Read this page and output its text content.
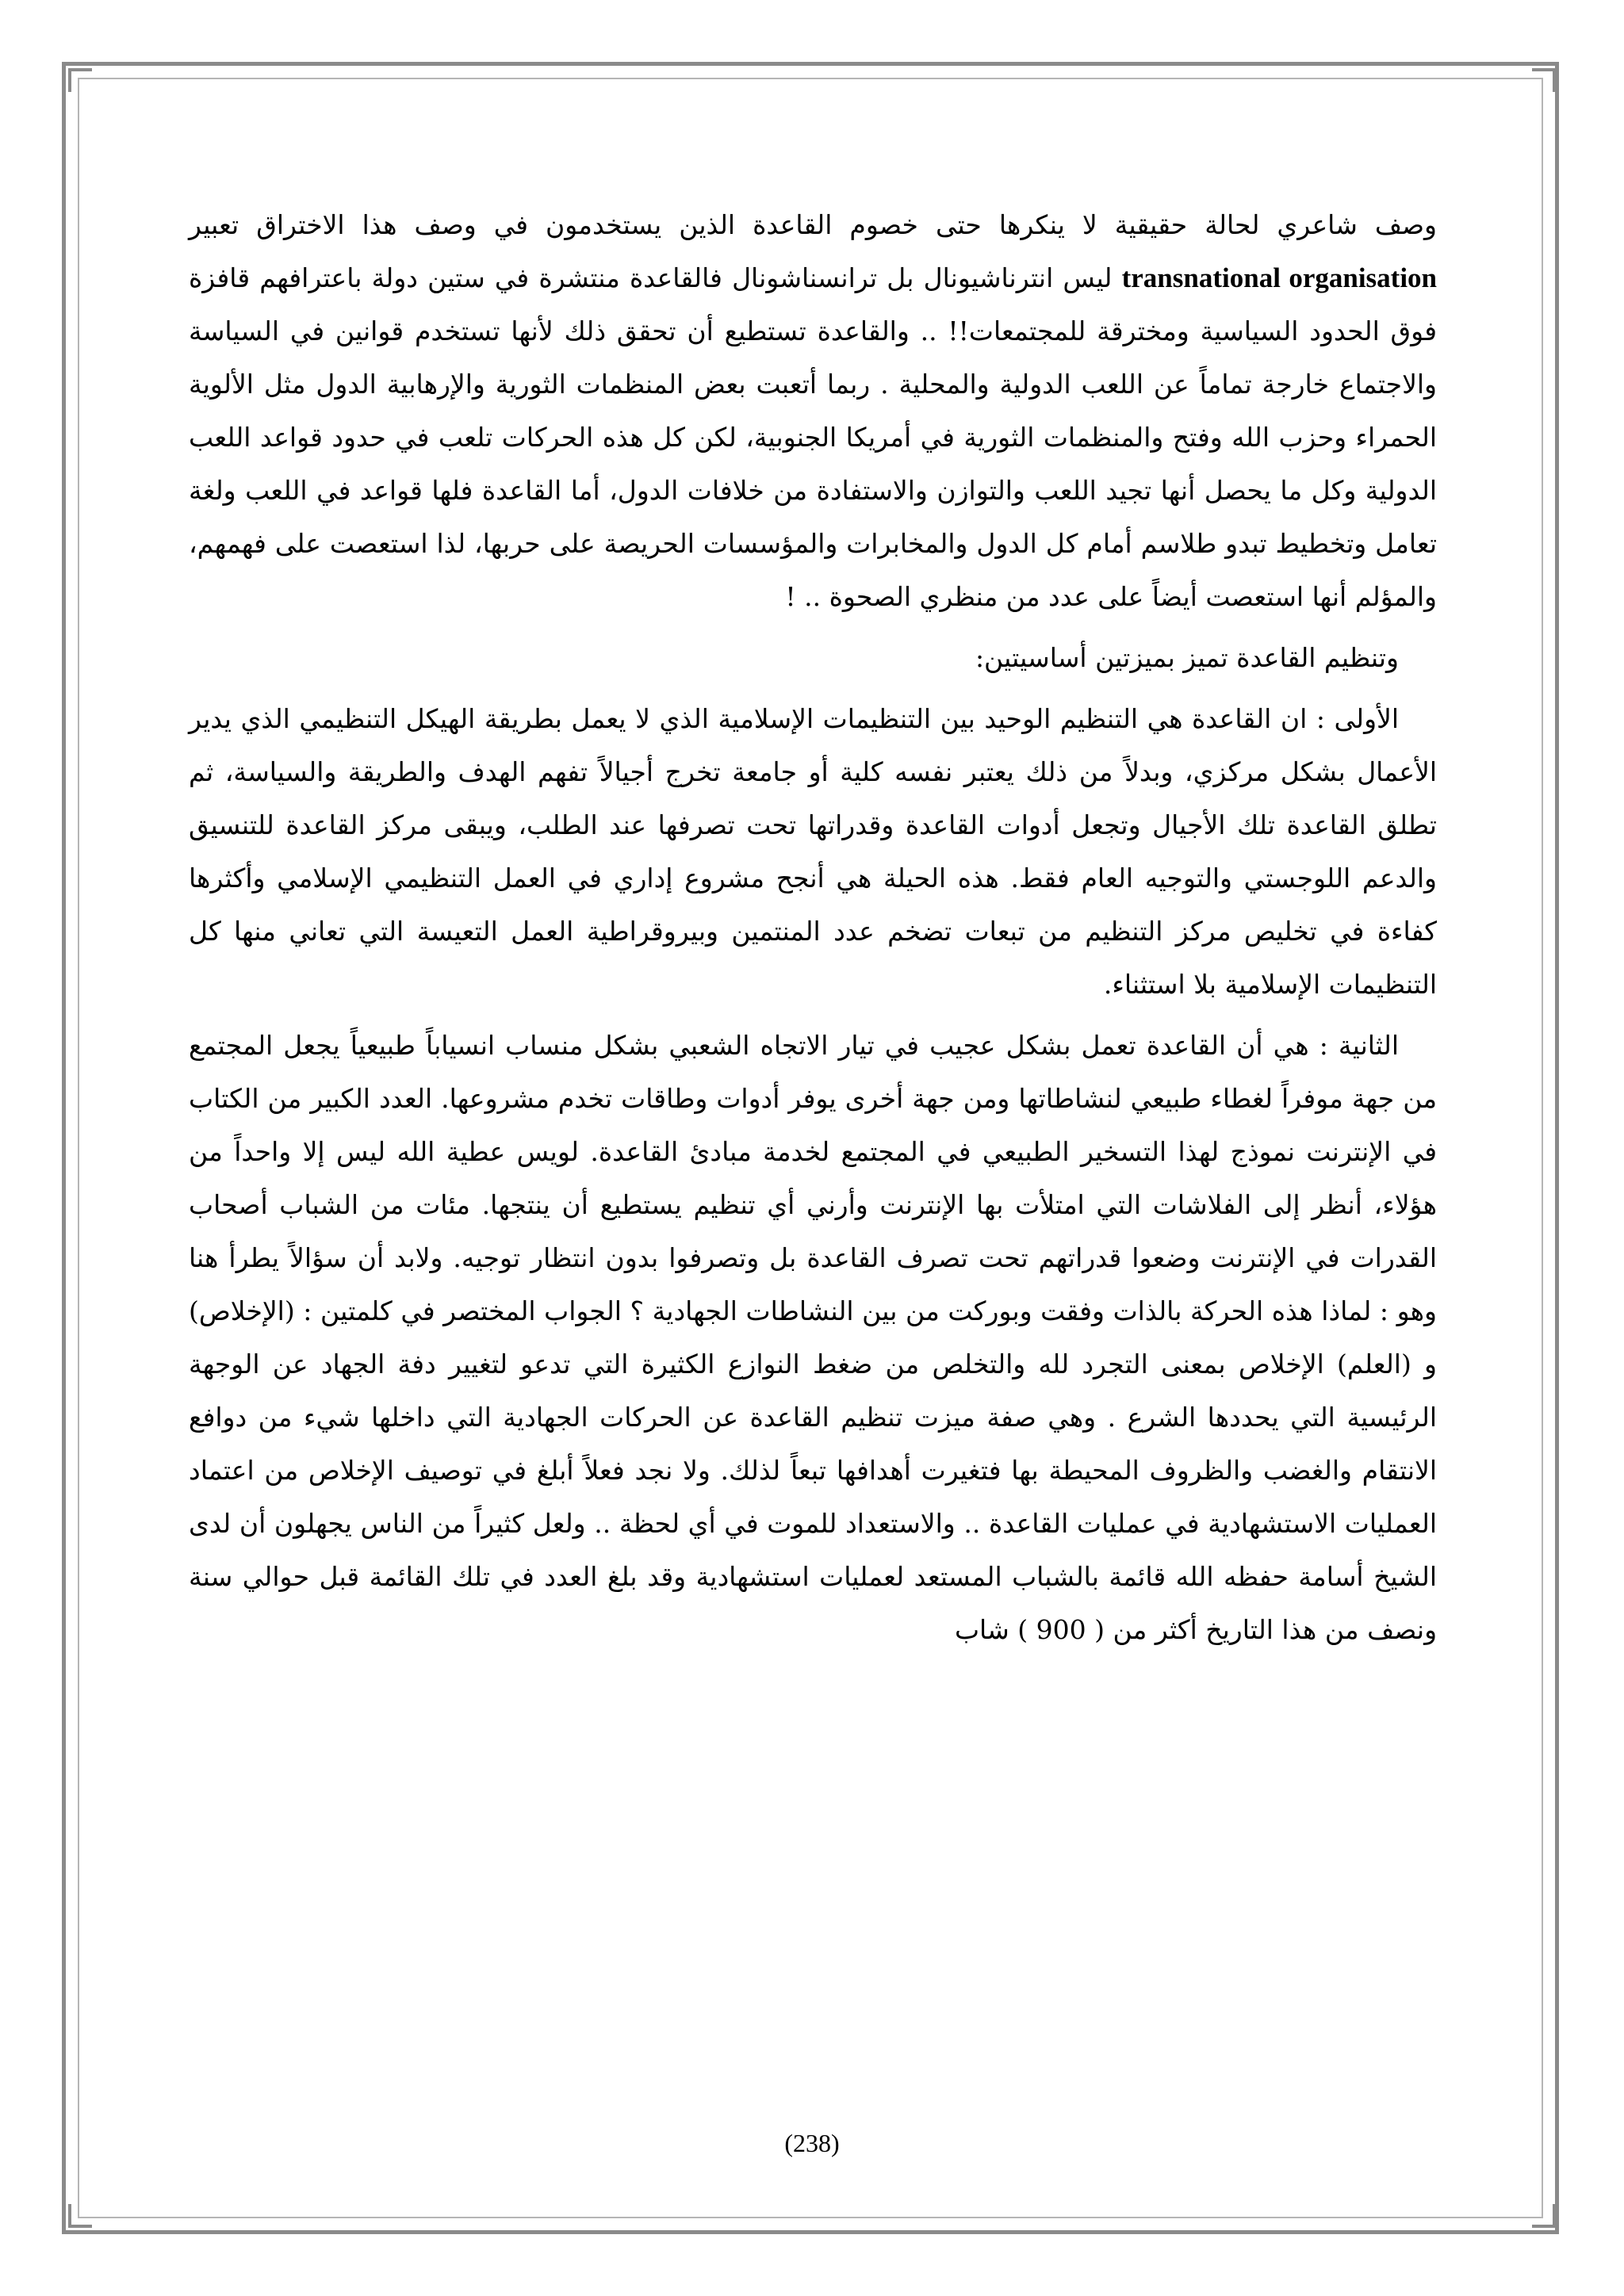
وصف شاعري لحالة حقيقية لا ينكرها حتى خصوم القاعدة الذين يستخدمون في وصف هذا الاختراق تعبير transnational organisation ليس انترناشيونال بل ترانسناشونال فالقاعدة منتشرة في ستين دولة باعترافهم قافزة فوق الحدود السياسية ومخترقة للمجتمعات!! .. والقاعدة تستطيع أن تحقق ذلك لأنها تستخدم قوانين في السياسة والاجتماع خارجة تماماً عن اللعب الدولية والمحلية . ربما أتعبت بعض المنظمات الثورية والإرهابية الدول مثل الألوية الحمراء وحزب الله وفتح والمنظمات الثورية في أمريكا الجنوبية، لكن كل هذه الحركات تلعب في حدود قواعد اللعب الدولية وكل ما يحصل أنها تجيد اللعب والتوازن والاستفادة من خلافات الدول، أما القاعدة فلها قواعد في اللعب ولغة تعامل وتخطيط تبدو طلاسم أمام كل الدول والمخابرات والمؤسسات الحريصة على حربها، لذا استعصت على فهمهم، والمؤلم أنها استعصت أيضاً على عدد من منظري الصحوة .. !

وتنظيم القاعدة تميز بميزتين أساسيتين:

الأولى : ان القاعدة هي التنظيم الوحيد بين التنظيمات الإسلامية الذي لا يعمل بطريقة الهيكل التنظيمي الذي يدير الأعمال بشكل مركزي، وبدلاً من ذلك يعتبر نفسه كلية أو جامعة تخرج أجيالاً تفهم الهدف والطريقة والسياسة، ثم تطلق القاعدة تلك الأجيال وتجعل أدوات القاعدة وقدراتها تحت تصرفها عند الطلب، ويبقى مركز القاعدة للتنسيق والدعم اللوجستي والتوجيه العام فقط. هذه الحيلة هي أنجح مشروع إداري في العمل التنظيمي الإسلامي وأكثرها كفاءة في تخليص مركز التنظيم من تبعات تضخم عدد المنتمين وبيروقراطية العمل التعيسة التي تعاني منها كل التنظيمات الإسلامية بلا استثناء.

الثانية : هي أن القاعدة تعمل بشكل عجيب في تيار الاتجاه الشعبي بشكل منساب انسياباً طبيعياً يجعل المجتمع من جهة موفراً لغطاء طبيعي لنشاطاتها ومن جهة أخرى يوفر أدوات وطاقات تخدم مشروعها. العدد الكبير من الكتاب في الإنترنت نموذج لهذا التسخير الطبيعي في المجتمع لخدمة مبادئ القاعدة. لويس عطية الله ليس إلا واحداً من هؤلاء، أنظر إلى الفلاشات التي امتلأت بها الإنترنت وأرني أي تنظيم يستطيع أن ينتجها. مئات من الشباب أصحاب القدرات في الإنترنت وضعوا قدراتهم تحت تصرف القاعدة بل وتصرفوا بدون انتظار توجيه. ولابد أن سؤالاً يطرأ هنا وهو : لماذا هذه الحركة بالذات وفقت وبوركت من بين النشاطات الجهادية ؟ الجواب المختصر في كلمتين : (الإخلاص) و (العلم) الإخلاص بمعنى التجرد لله والتخلص من ضغط النوازع الكثيرة التي تدعو لتغيير دفة الجهاد عن الوجهة الرئيسية التي يحددها الشرع . وهي صفة ميزت تنظيم القاعدة عن الحركات الجهادية التي داخلها شيء من دوافع الانتقام والغضب والظروف المحيطة بها فتغيرت أهدافها تبعاً لذلك. ولا نجد فعلاً أبلغ في توصيف الإخلاص من اعتماد العمليات الاستشهادية في عمليات القاعدة .. والاستعداد للموت في أي لحظة .. ولعل كثيراً من الناس يجهلون أن لدى الشيخ أسامة حفظه الله قائمة بالشباب المستعد لعمليات استشهادية وقد بلغ العدد في تلك القائمة قبل حوالي سنة ونصف من هذا التاريخ أكثر من ( 900 ) شاب

(238)
